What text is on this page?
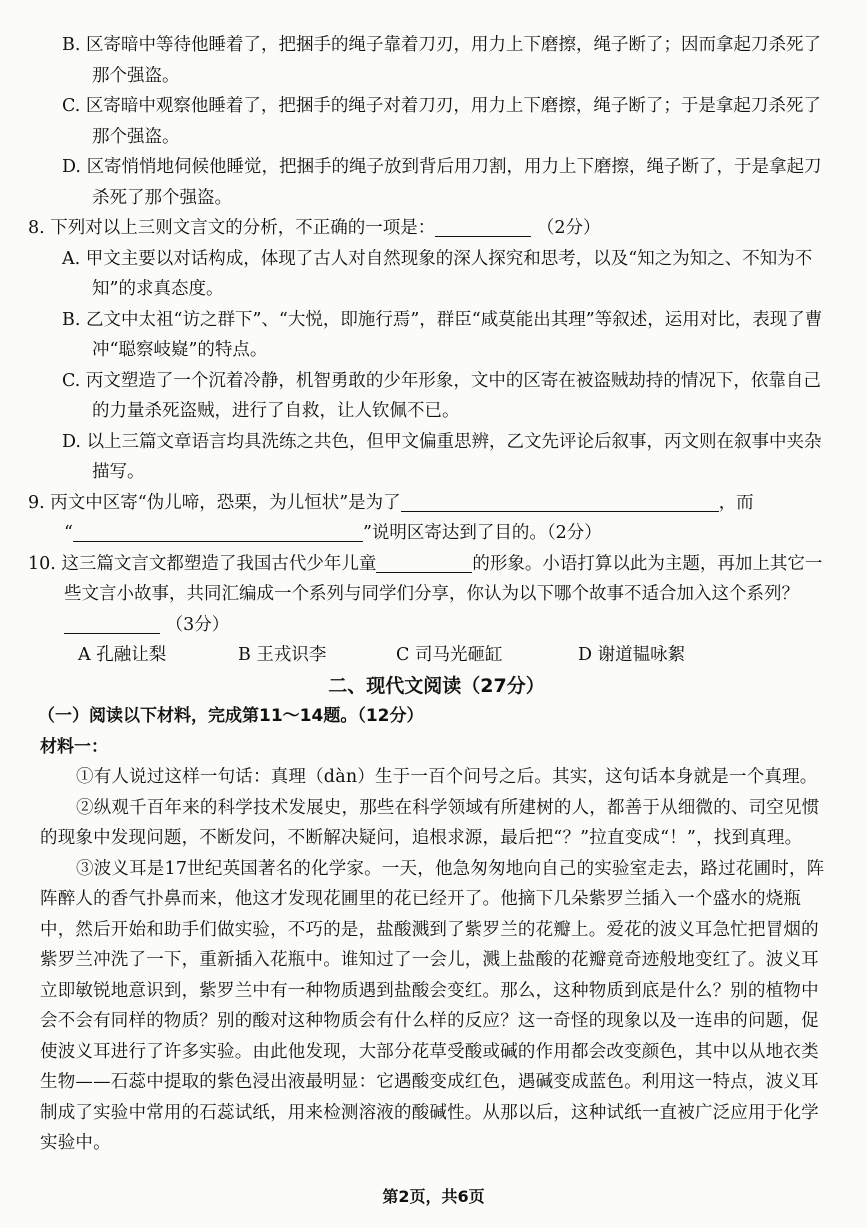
B. 区寄暗中等待他睡着了，把捆手的绳子靠着刀刃，用力上下磨擦，绳子断了；因而拿起刀杀死了那个强盗。

C. 区寄暗中观察他睡着了，把捆手的绳子对着刀刃，用力上下磨擦，绳子断了；于是拿起刀杀死了那个强盗。

D. 区寄悄悄地伺候他睡觉，把捆手的绳子放到背后用刀割，用力上下磨擦，绳子断了，于是拿起刀杀死了那个强盗。

8. 下列对以上三则文言文的分析，不正确的一项是：	（2分）

A. 甲文主要以对话构成，体现了古人对自然现象的深人探究和思考，以及“知之为知之、不知为不知”的求真态度。

B. 乙文中太祖“访之群下”、“大悦，即施行焉”，群臣“咸莫能出其理”等叙述，运用对比，表现了曹冲“聪察岐嶷”的特点。

C. 丙文塑造了一个沉着冷静，机智勇敢的少年形象，文中的区寄在被盗贼劫持的情况下，依靠自己的力量杀死盗贼，进行了自救，让人钦佩不已。

D. 以上三篇文章语言均具洗练之共色，但甲文偏重思辨，乙文先评论后叙事，丙文则在叙事中夹杂描写。

9. 丙文中区寄“伪儿啼，恐栗，为儿恒状”是为了	，而
“	”说明区寄达到了目的。（2分）

10. 这三篇文言文都塑造了我国古代少年儿童	的形象。小语打算以此为主题，再加上其它一些文言小故事，共同汇编成一个系列与同学们分享，你认为以下哪个故事不适合加入这个系列？ （3分）

A 孔融让梨	B 王戎识李	C 司马光砸缸	D 谢道韫咏絮

二、现代文阅读（27分）

（一）阅读以下材料，完成第11～14题。（12分）

材料一：

①有人说过这样一句话：真理（dàn）生于一百个问号之后。其实，这句话本身就是一个真理。

②纵观千百年来的科学技术发展史，那些在科学领域有所建树的人，都善于从细微的、司空见惯的现象中发现问题，不断发问，不断解决疑问，追根求源，最后把“？”拉直变成“！”，找到真理。

③波义耳是17世纪英国著名的化学家。一天，他急匆匆地向自己的实验室走去，路过花圃时，阵阵醉人的香气扑鼻而来，他这才发现花圃里的花已经开了。他摘下几朵紫罗兰插入一个盛水的烧瓶中，然后开始和助手们做实验，不巧的是，盐酸溅到了紫罗兰的花瓣上。爱花的波义耳急忙把冒烟的紫罗兰冲洗了一下，重新插入花瓶中。谁知过了一会儿，溅上盐酸的花瓣竟奇迹般地变红了。波义耳立即敏锐地意识到，紫罗兰中有一种物质遇到盐酸会变红。那么，这种物质到底是什么？别的植物中会不会有同样的物质？别的酸对这种物质会有什么样的反应？这一奇怪的现象以及一连串的问题，促使波义耳进行了许多实验。由此他发现，大部分花草受酸或碱的作用都会改变颜色，其中以从地衣类生物——石蕊中提取的紫色浸出液最明显：它遇酸变成红色，遇碱变成蓝色。利用这一特点，波义耳制成了实验中常用的石蕊试纸，用来检测溶液的酸碱性。从那以后，这种试纸一直被广泛应用于化学实验中。

第2页，共6页
